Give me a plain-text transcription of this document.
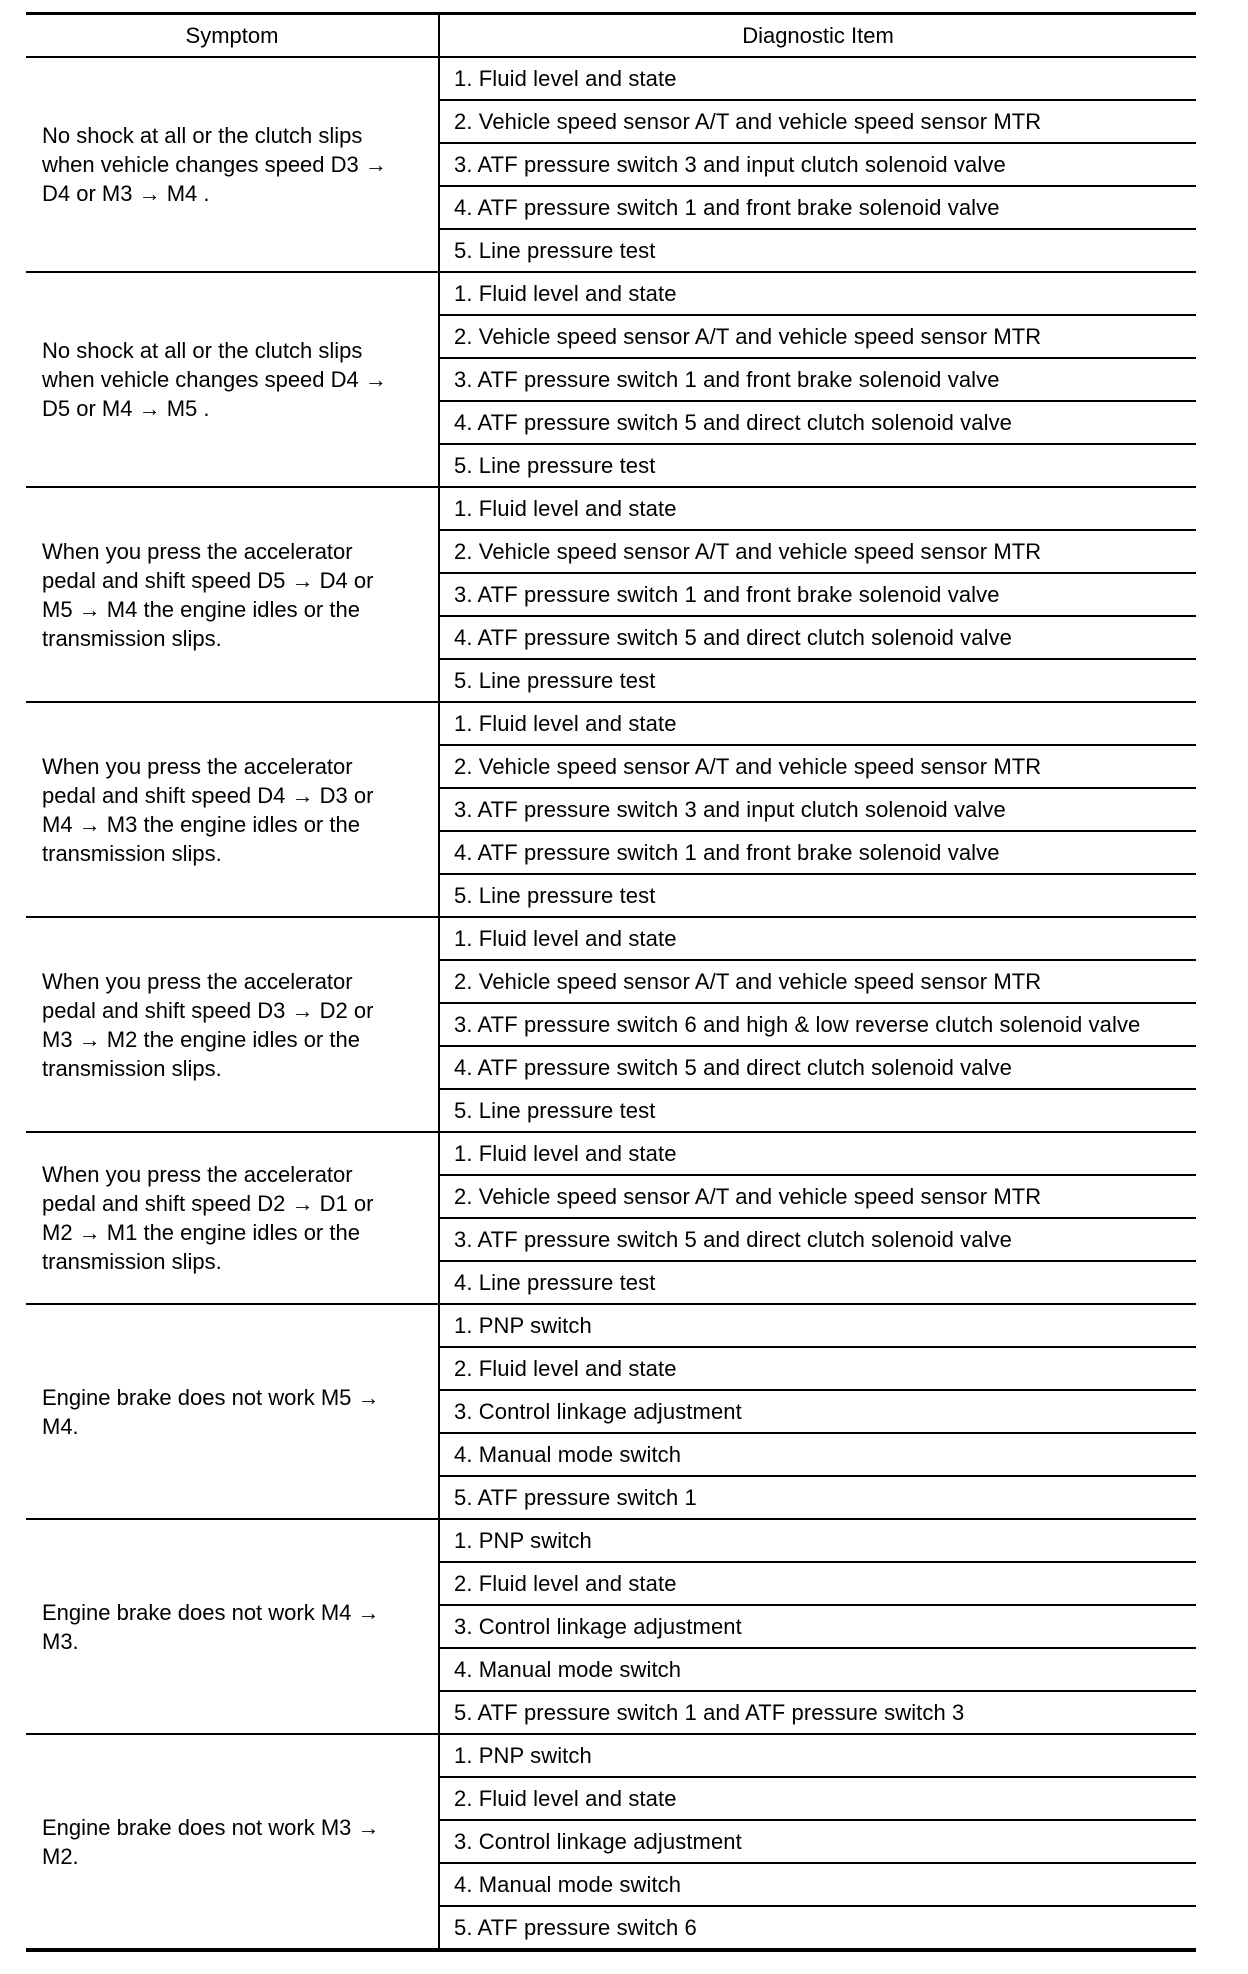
Symptom	Diagnostic Item
No shock at all or the clutch slips
when vehicle changes speed D3 →
D4 or M3 → M4 .	1. Fluid level and state
	2. Vehicle speed sensor A/T and vehicle speed sensor MTR
	3. ATF pressure switch 3 and input clutch solenoid valve
	4. ATF pressure switch 1 and front brake solenoid valve
	5. Line pressure test
No shock at all or the clutch slips
when vehicle changes speed D4 →
D5 or M4 → M5 .	1. Fluid level and state
	2. Vehicle speed sensor A/T and vehicle speed sensor MTR
	3. ATF pressure switch 1 and front brake solenoid valve
	4. ATF pressure switch 5 and direct clutch solenoid valve
	5. Line pressure test
When you press the accelerator
pedal and shift speed D5 → D4 or
M5 → M4 the engine idles or the
transmission slips.	1. Fluid level and state
	2. Vehicle speed sensor A/T and vehicle speed sensor MTR
	3. ATF pressure switch 1 and front brake solenoid valve
	4. ATF pressure switch 5 and direct clutch solenoid valve
	5. Line pressure test
When you press the accelerator
pedal and shift speed D4 → D3 or
M4 → M3 the engine idles or the
transmission slips.	1. Fluid level and state
	2. Vehicle speed sensor A/T and vehicle speed sensor MTR
	3. ATF pressure switch 3 and input clutch solenoid valve
	4. ATF pressure switch 1 and front brake solenoid valve
	5. Line pressure test
When you press the accelerator
pedal and shift speed D3 → D2 or
M3 → M2 the engine idles or the
transmission slips.	1. Fluid level and state
	2. Vehicle speed sensor A/T and vehicle speed sensor MTR
	3. ATF pressure switch 6 and high & low reverse clutch solenoid valve
	4. ATF pressure switch 5 and direct clutch solenoid valve
	5. Line pressure test
When you press the accelerator
pedal and shift speed D2 → D1 or
M2 → M1 the engine idles or the
transmission slips.	1. Fluid level and state
	2. Vehicle speed sensor A/T and vehicle speed sensor MTR
	3. ATF pressure switch 5 and direct clutch solenoid valve
	4. Line pressure test
Engine brake does not work M5 →
M4.	1. PNP switch
	2. Fluid level and state
	3. Control linkage adjustment
	4. Manual mode switch
	5. ATF pressure switch 1
Engine brake does not work M4 →
M3.	1. PNP switch
	2. Fluid level and state
	3. Control linkage adjustment
	4. Manual mode switch
	5. ATF pressure switch 1 and ATF pressure switch 3
Engine brake does not work M3 →
M2.	1. PNP switch
	2. Fluid level and state
	3. Control linkage adjustment
	4. Manual mode switch
	5. ATF pressure switch 6
